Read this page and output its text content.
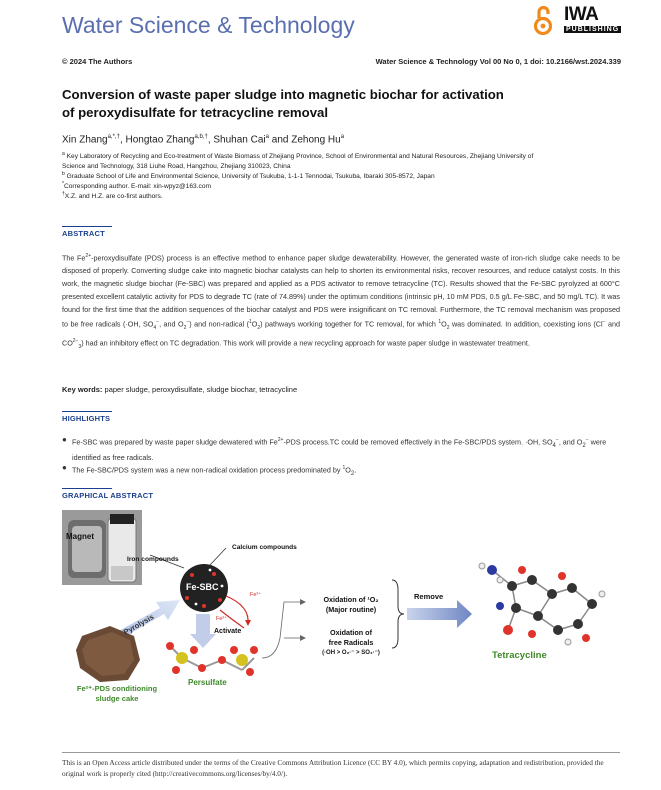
Water Science & Technology	IWA
PUBLISHING
© 2024 The Authors	Water Science & Technology Vol 00 No 0, 1 doi: 10.2166/wst.2024.339
Conversion of waste paper sludge into magnetic biochar for activation
of peroxydisulfate for tetracycline removal
Xin Zhang$^{a,*,\dagger}$, Hongtao Zhang$^{a,b,\dagger}$, Shuhan Cai$^a$ and Zehong Hu$^a$
$^a$ Key Laboratory of Recycling and Eco-treatment of Waste Biomass of Zhejiang Province, School of Environmental and Natural Resources, Zhejiang University of
Science and Technology, 318 Liuhe Road, Hangzhou, Zhejiang 310023, China
$^b$ Graduate School of Life and Environmental Science, University of Tsukuba, 1-1-1 Tennodai, Tsukuba, Ibaraki 305-8572, Japan
*Corresponding author. E-mail: xin-wpyz@163.com
†X.Z. and H.Z. are co-first authors.
ABSTRACT
The $Fe^{2+}$-peroxydisulfate (PDS) process is an effective method to enhance paper sludge dewaterability. However, the generated waste of iron-rich sludge cake needs to be disposed of properly. Converting sludge cake into magnetic biochar catalysts can help to shorten its environmental risks, recover resources, and reduce catalyst costs. In this work, the magnetic sludge biochar (Fe-SBC) was prepared and applied as a PDS activator to remove tetracycline (TC). Results showed that the Fe-SBC pyrolyzed at 600°C presented excellent catalytic activity for PDS to degrade TC (rate of 74.89%) under the optimum conditions (intrinsic pH, 10 mM PDS, 0.5 g/L Fe-SBC, and 50 mg/L TC). It was found for the first time that the addition sequences of the biochar catalyst and PDS were insignificant on TC removal. Furthermore, the TC removal mechanism was proposed to be free radicals (·OH, $SO_4^-$, and $O_2^-$) and non-radical $(^1O_2)$ pathways working together for TC removal, for which $^1O_2$ was dominated. In addition, coexisting ions (Cl− and $CO^{2-}_3$) had an inhibitory effect on TC degradation. This work will provide a new recycling approach for waste paper sludge in wastewater treatment.
Key words: paper sludge, peroxydisulfate, sludge biochar, tetracycline
HIGHLIGHTS
● Fe-SBC was prepared by waste paper sludge dewatered with $Fe^{2+}$-PDS process.TC could be removed effectively in the Fe-SBC/PDS system. ·OH, $SO_4^-$, and $O_2^-$ were identified as free radicals.
● The Fe-SBC/PDS system was a new non-radical oxidation process predominated by $^1O_2$.
GRAPHICAL ABSTRACT
Magnet
Iron compounds
Calcium compounds
Fe-SBC
Fe³⁺
Fe²⁺
Activate
Pyrolysis
Persulfate
Fe²⁺-PDS conditioning
sludge cake
Oxidation of ¹O₂
(Major routine)
Oxidation of
free Radicals
(·OH > O₂·⁻ > SO₄·⁻)
Remove
Tetracycline
This is an Open Access article distributed under the terms of the Creative Commons Attribution Licence (CC BY 4.0), which permits copying, adaptation and redistribution, provided the original work is properly cited (http://creativecommons.org/licenses/by/4.0/).
